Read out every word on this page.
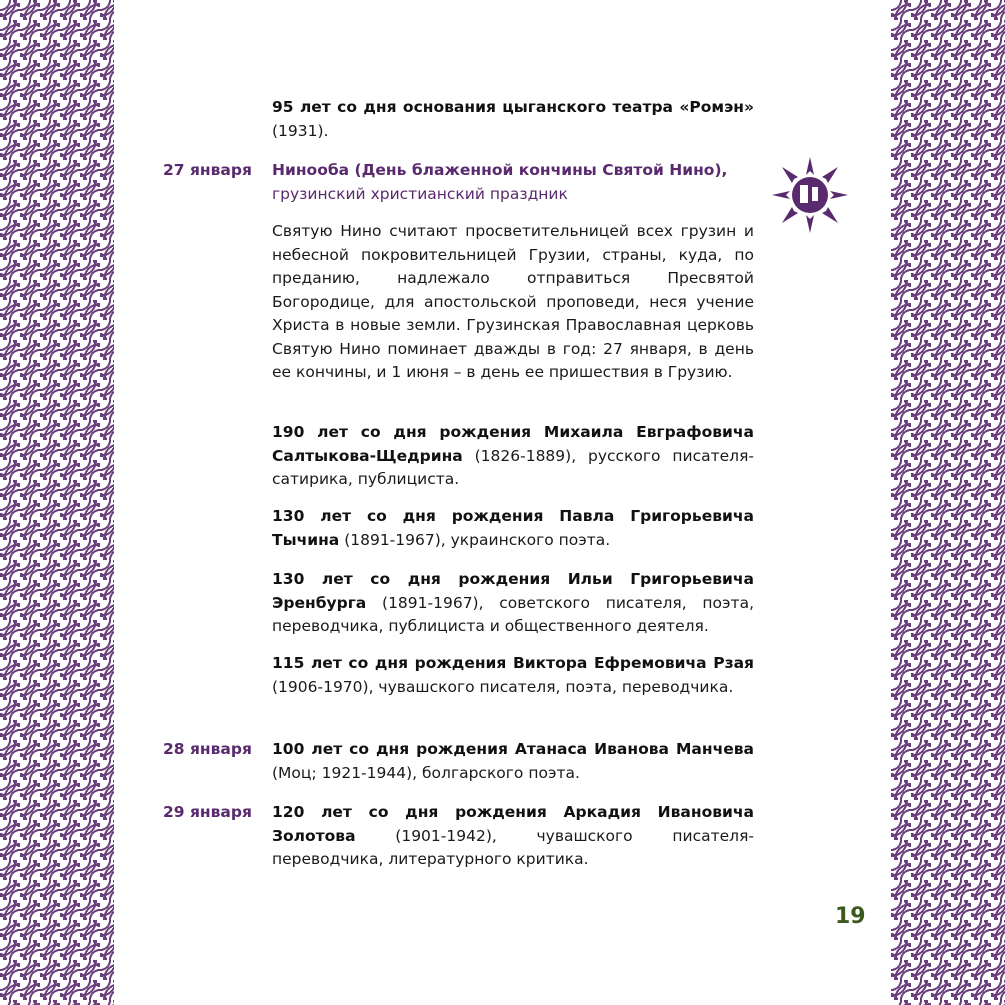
95 лет со дня основания цыганского театра «Ромэн» (1931).
27 января	Ниноoба (День блаженной кончины Святой Нино),
грузинский христианский праздник
Святую Нино считают просветительницей всех грузин и небесной покровительницей Грузии, страны, куда, по преданию, надлежало отправиться Пресвятой Богородице, для апостольской проповеди, неся учение Христа в новые земли. Грузинская Православная церковь Святую Нино поминает дважды в год: 27 января, в день ее кончины, и 1 июня – в день ее пришествия в Грузию.
190 лет со дня рождения Михаила Евграфовича Салтыкова-Щедрина (1826-1889), русского писателя-сатирика, публициста.
130 лет со дня рождения Павла Григорьевича Тычина (1891-1967), украинского поэта.
130 лет со дня рождения Ильи Григорьевича Эренбурга (1891-1967), советского писателя, поэта, переводчика, публициста и общественного деятеля.
115 лет со дня рождения Виктора Ефремовича Рзая (1906-1970), чувашского писателя, поэта, переводчика.
28 января	100 лет со дня рождения Атанаса Иванова Манчева (Моц; 1921-1944), болгарского поэта.
29 января	120 лет со дня рождения Аркадия Ивановича Золотова (1901-1942), чувашского писателя-переводчика, литературного критика.
19
